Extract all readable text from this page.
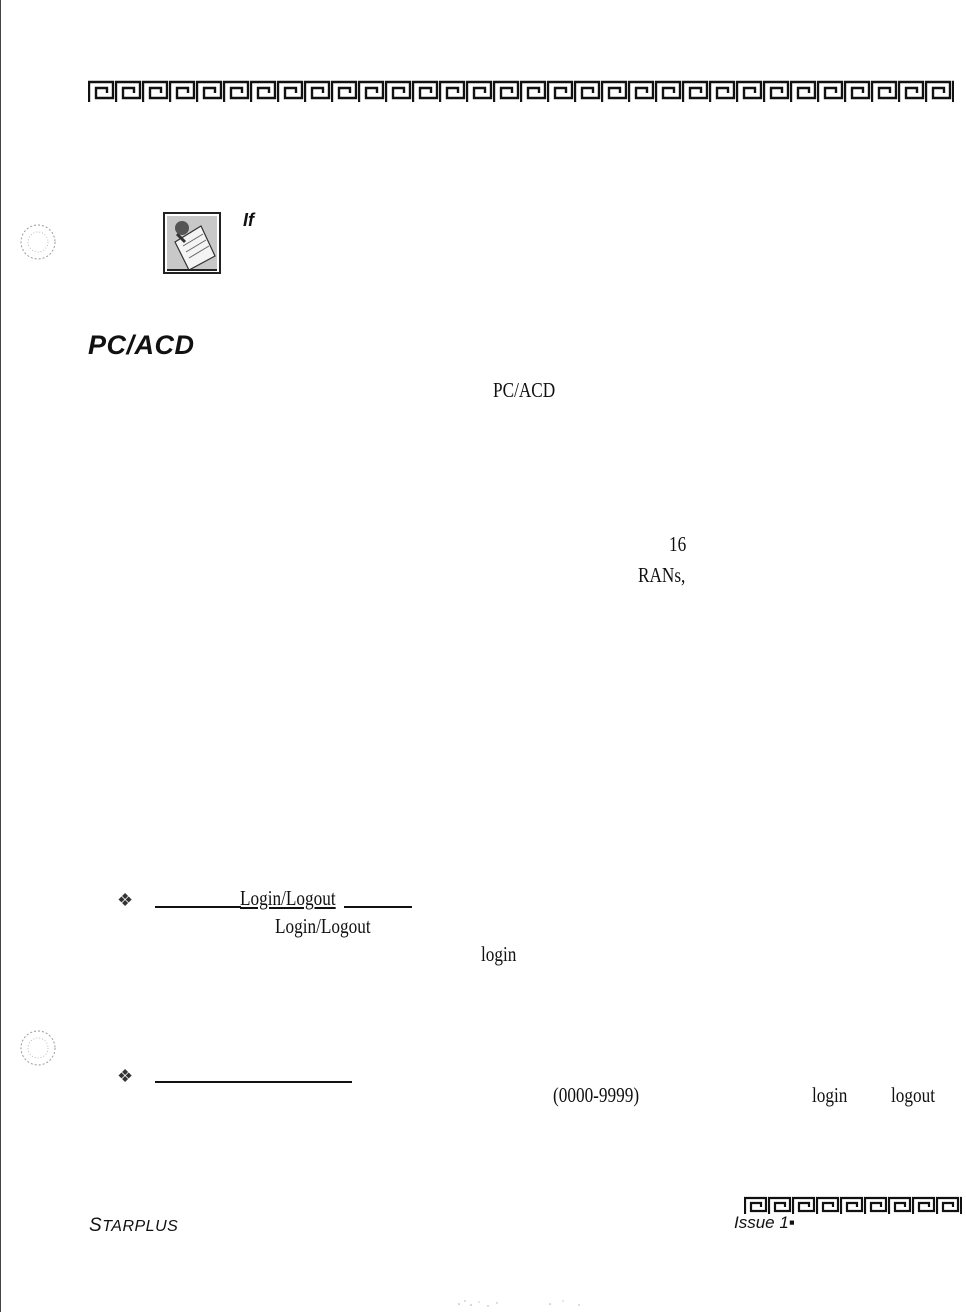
If
PC/ACD
PC/ACD
16
RANs,
❖	Login/Logout
Login/Logout
login
❖
(0000-9999)	login logout
STARPLUS	Issue 1▪
